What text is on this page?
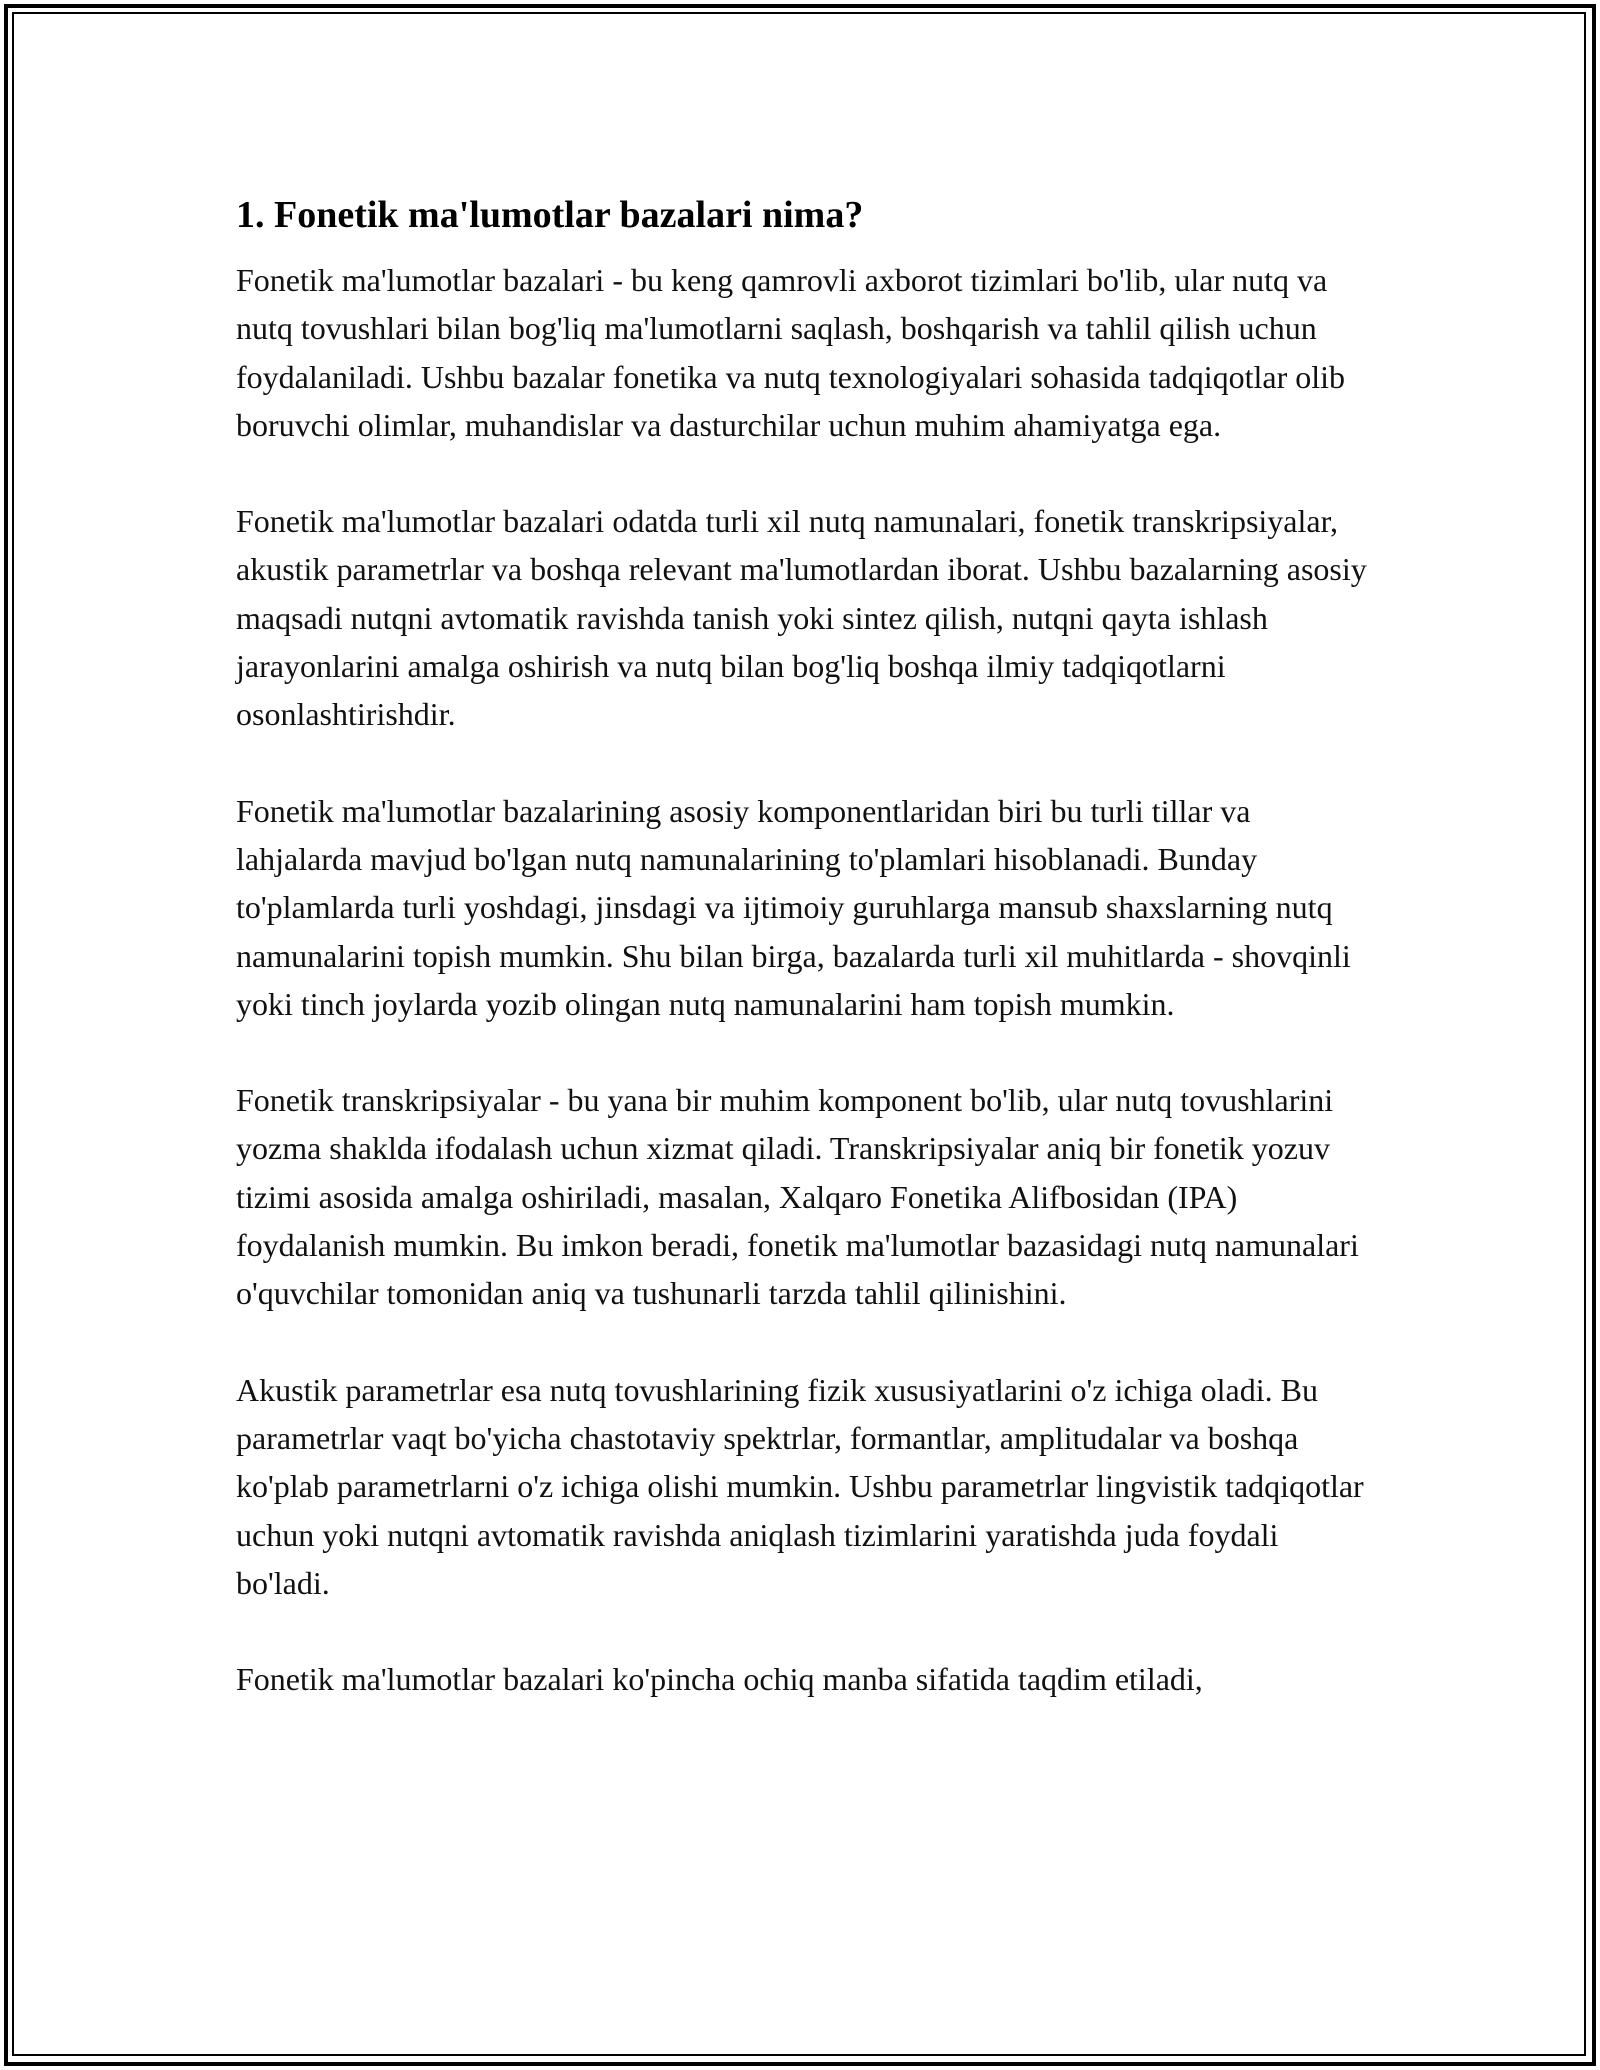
1. Fonetik ma'lumotlar bazalari nima?

Fonetik ma'lumotlar bazalari - bu keng qamrovli axborot tizimlari bo'lib, ular nutq va nutq tovushlari bilan bog'liq ma'lumotlarni saqlash, boshqarish va tahlil qilish uchun foydalaniladi. Ushbu bazalar fonetika va nutq texnologiyalari sohasida tadqiqotlar olib boruvchi olimlar, muhandislar va dasturchilar uchun muhim ahamiyatga ega.

Fonetik ma'lumotlar bazalari odatda turli xil nutq namunalari, fonetik transkripsiyalar, akustik parametrlar va boshqa relevant ma'lumotlardan iborat. Ushbu bazalarning asosiy maqsadi nutqni avtomatik ravishda tanish yoki sintez qilish, nutqni qayta ishlash jarayonlarini amalga oshirish va nutq bilan bog'liq boshqa ilmiy tadqiqotlarni osonlashtirishdir.

Fonetik ma'lumotlar bazalarining asosiy komponentlaridan biri bu turli tillar va lahjalarda mavjud bo'lgan nutq namunalarining to'plamlari hisoblanadi. Bunday to'plamlarda turli yoshdagi, jinsdagi va ijtimoiy guruhlarga mansub shaxslarning nutq namunalarini topish mumkin. Shu bilan birga, bazalarda turli xil muhitlarda - shovqinli yoki tinch joylarda yozib olingan nutq namunalarini ham topish mumkin.

Fonetik transkripsiyalar - bu yana bir muhim komponent bo'lib, ular nutq tovushlarini yozma shaklda ifodalash uchun xizmat qiladi. Transkripsiyalar aniq bir fonetik yozuv tizimi asosida amalga oshiriladi, masalan, Xalqaro Fonetika Alifbosidan (IPA) foydalanish mumkin. Bu imkon beradi, fonetik ma'lumotlar bazasidagi nutq namunalari o'quvchilar tomonidan aniq va tushunarli tarzda tahlil qilinishini.

Akustik parametrlar esa nutq tovushlarining fizik xususiyatlarini o'z ichiga oladi. Bu parametrlar vaqt bo'yicha chastotaviy spektrlar, formantlar, amplitudalar va boshqa ko'plab parametrlarni o'z ichiga olishi mumkin. Ushbu parametrlar lingvistik tadqiqotlar uchun yoki nutqni avtomatik ravishda aniqlash tizimlarini yaratishda juda foydali bo'ladi.

Fonetik ma'lumotlar bazalari ko'pincha ochiq manba sifatida taqdim etiladi,
